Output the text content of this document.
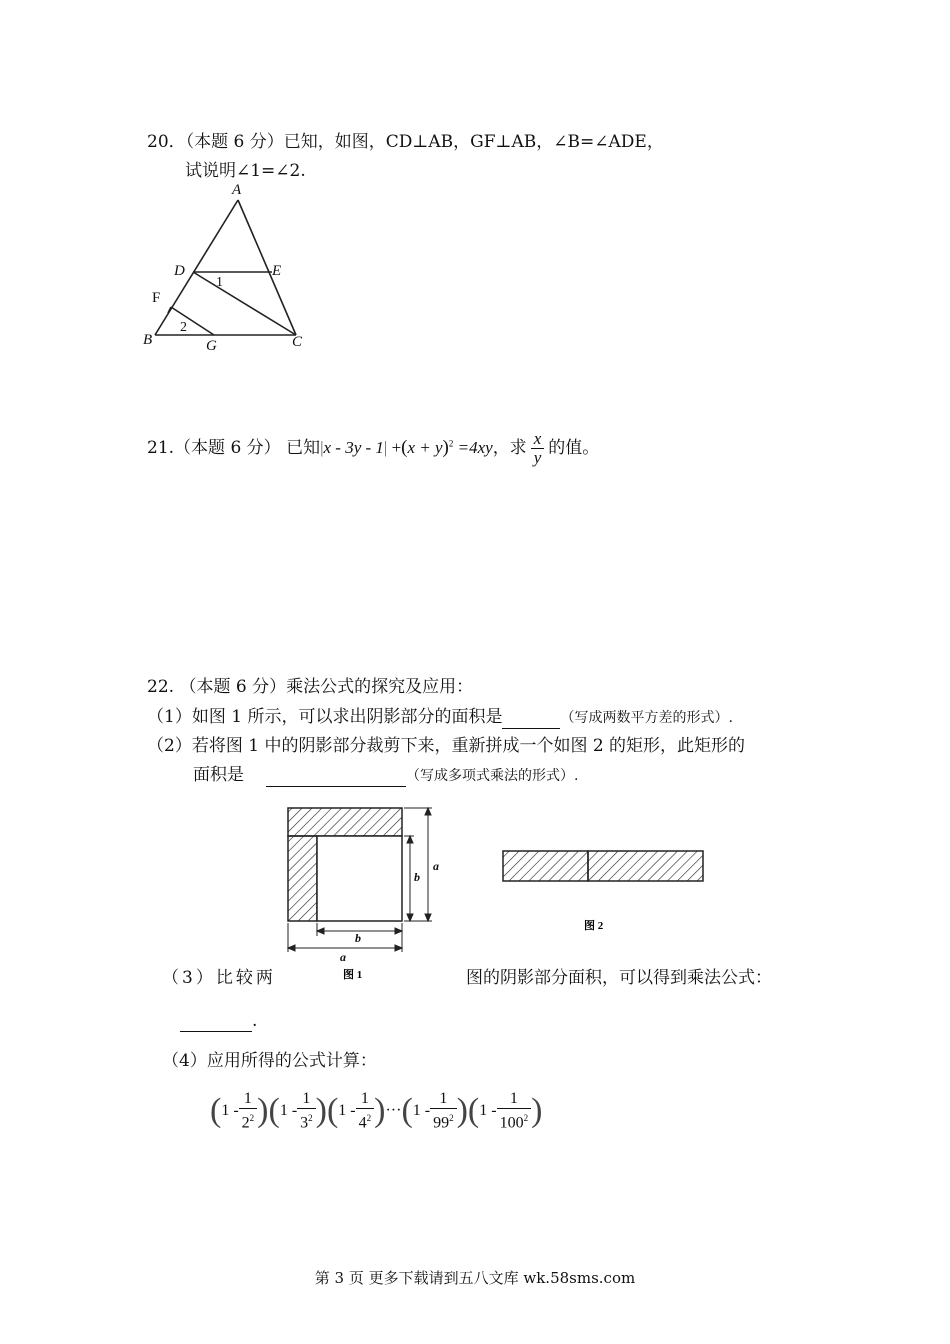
20．（本题 6 分）已知，如图，CD⊥AB，GF⊥AB，∠B=∠ADE，
试说明∠1=∠2.
A
D	E
F
B	G	C
1
2
21.（本题 6 分） 已知$|x - 3y - 1| +(x + y)^2 =4xy$，求 $\frac{x}{y}$ 的值。
22. （本题 6 分）乘法公式的探究及应用：
（1）如图 1 所示，可以求出阴影部分的面积是	（写成两数平方差的形式）.
（2）若将图 1 中的阴影部分裁剪下来，重新拼成一个如图 2 的矩形，此矩形的
面积是	（写成多项式乘法的形式）.
a
b
b
a
图 1
图 2
（3）比较两	图的阴影部分面积，可以得到乘法公式：
.
（4）应用所得的公式计算：
$(1 - \frac{1}{2^2} )(1 - \frac{1}{3^2} )(1 - \frac{1}{4^2} )\cdot\cdot\cdot(1 - \frac{1}{99^2} )(1 - \frac{1}{100^2}$ )
第 3 页 更多下载请到五八文库 wk.58sms.com
